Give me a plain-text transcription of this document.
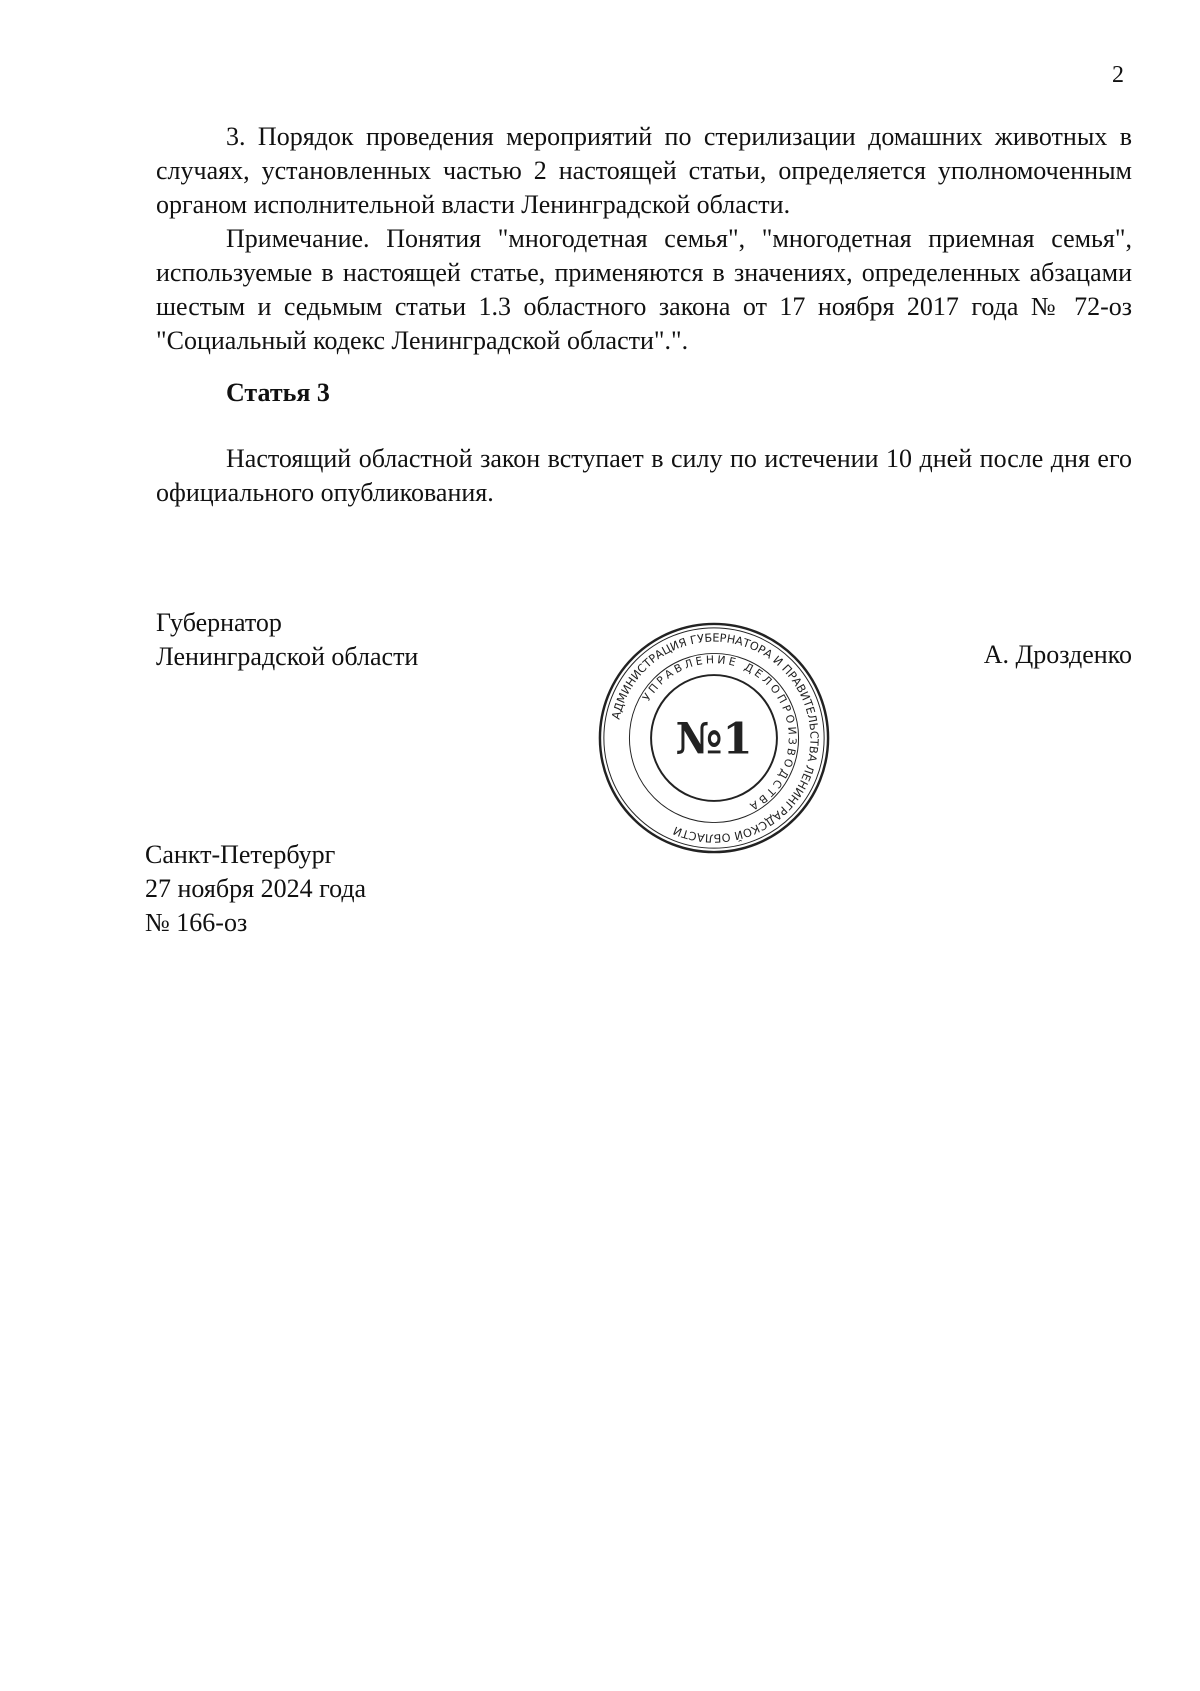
2

3. Порядок проведения мероприятий по стерилизации домашних животных в случаях, установленных частью 2 настоящей статьи, определяется уполномоченным органом исполнительной власти Ленинградской области.

Примечание. Понятия "многодетная семья", "многодетная приемная семья", используемые в настоящей статье, применяются в значениях, определенных абзацами шестым и седьмым статьи 1.3 областного закона от 17 ноября 2017 года № 72-оз "Социальный кодекс Ленинградской области".".

Статья 3

Настоящий областной закон вступает в силу по истечении 10 дней после дня его официального опубликования.

Губернатор
Ленинградской области	А. Дрозденко
АДМИНИСТРАЦИЯ ГУБЕРНАТОРА И ПРАВИТЕЛЬСТВА ЛЕНИНГРАДСКОЙ ОБЛАСТИ
УПРАВЛЕНИЕ ДЕЛОПРОИЗВОДСТВА
№1
Санкт-Петербург
27 ноября 2024 года
№ 166-оз
